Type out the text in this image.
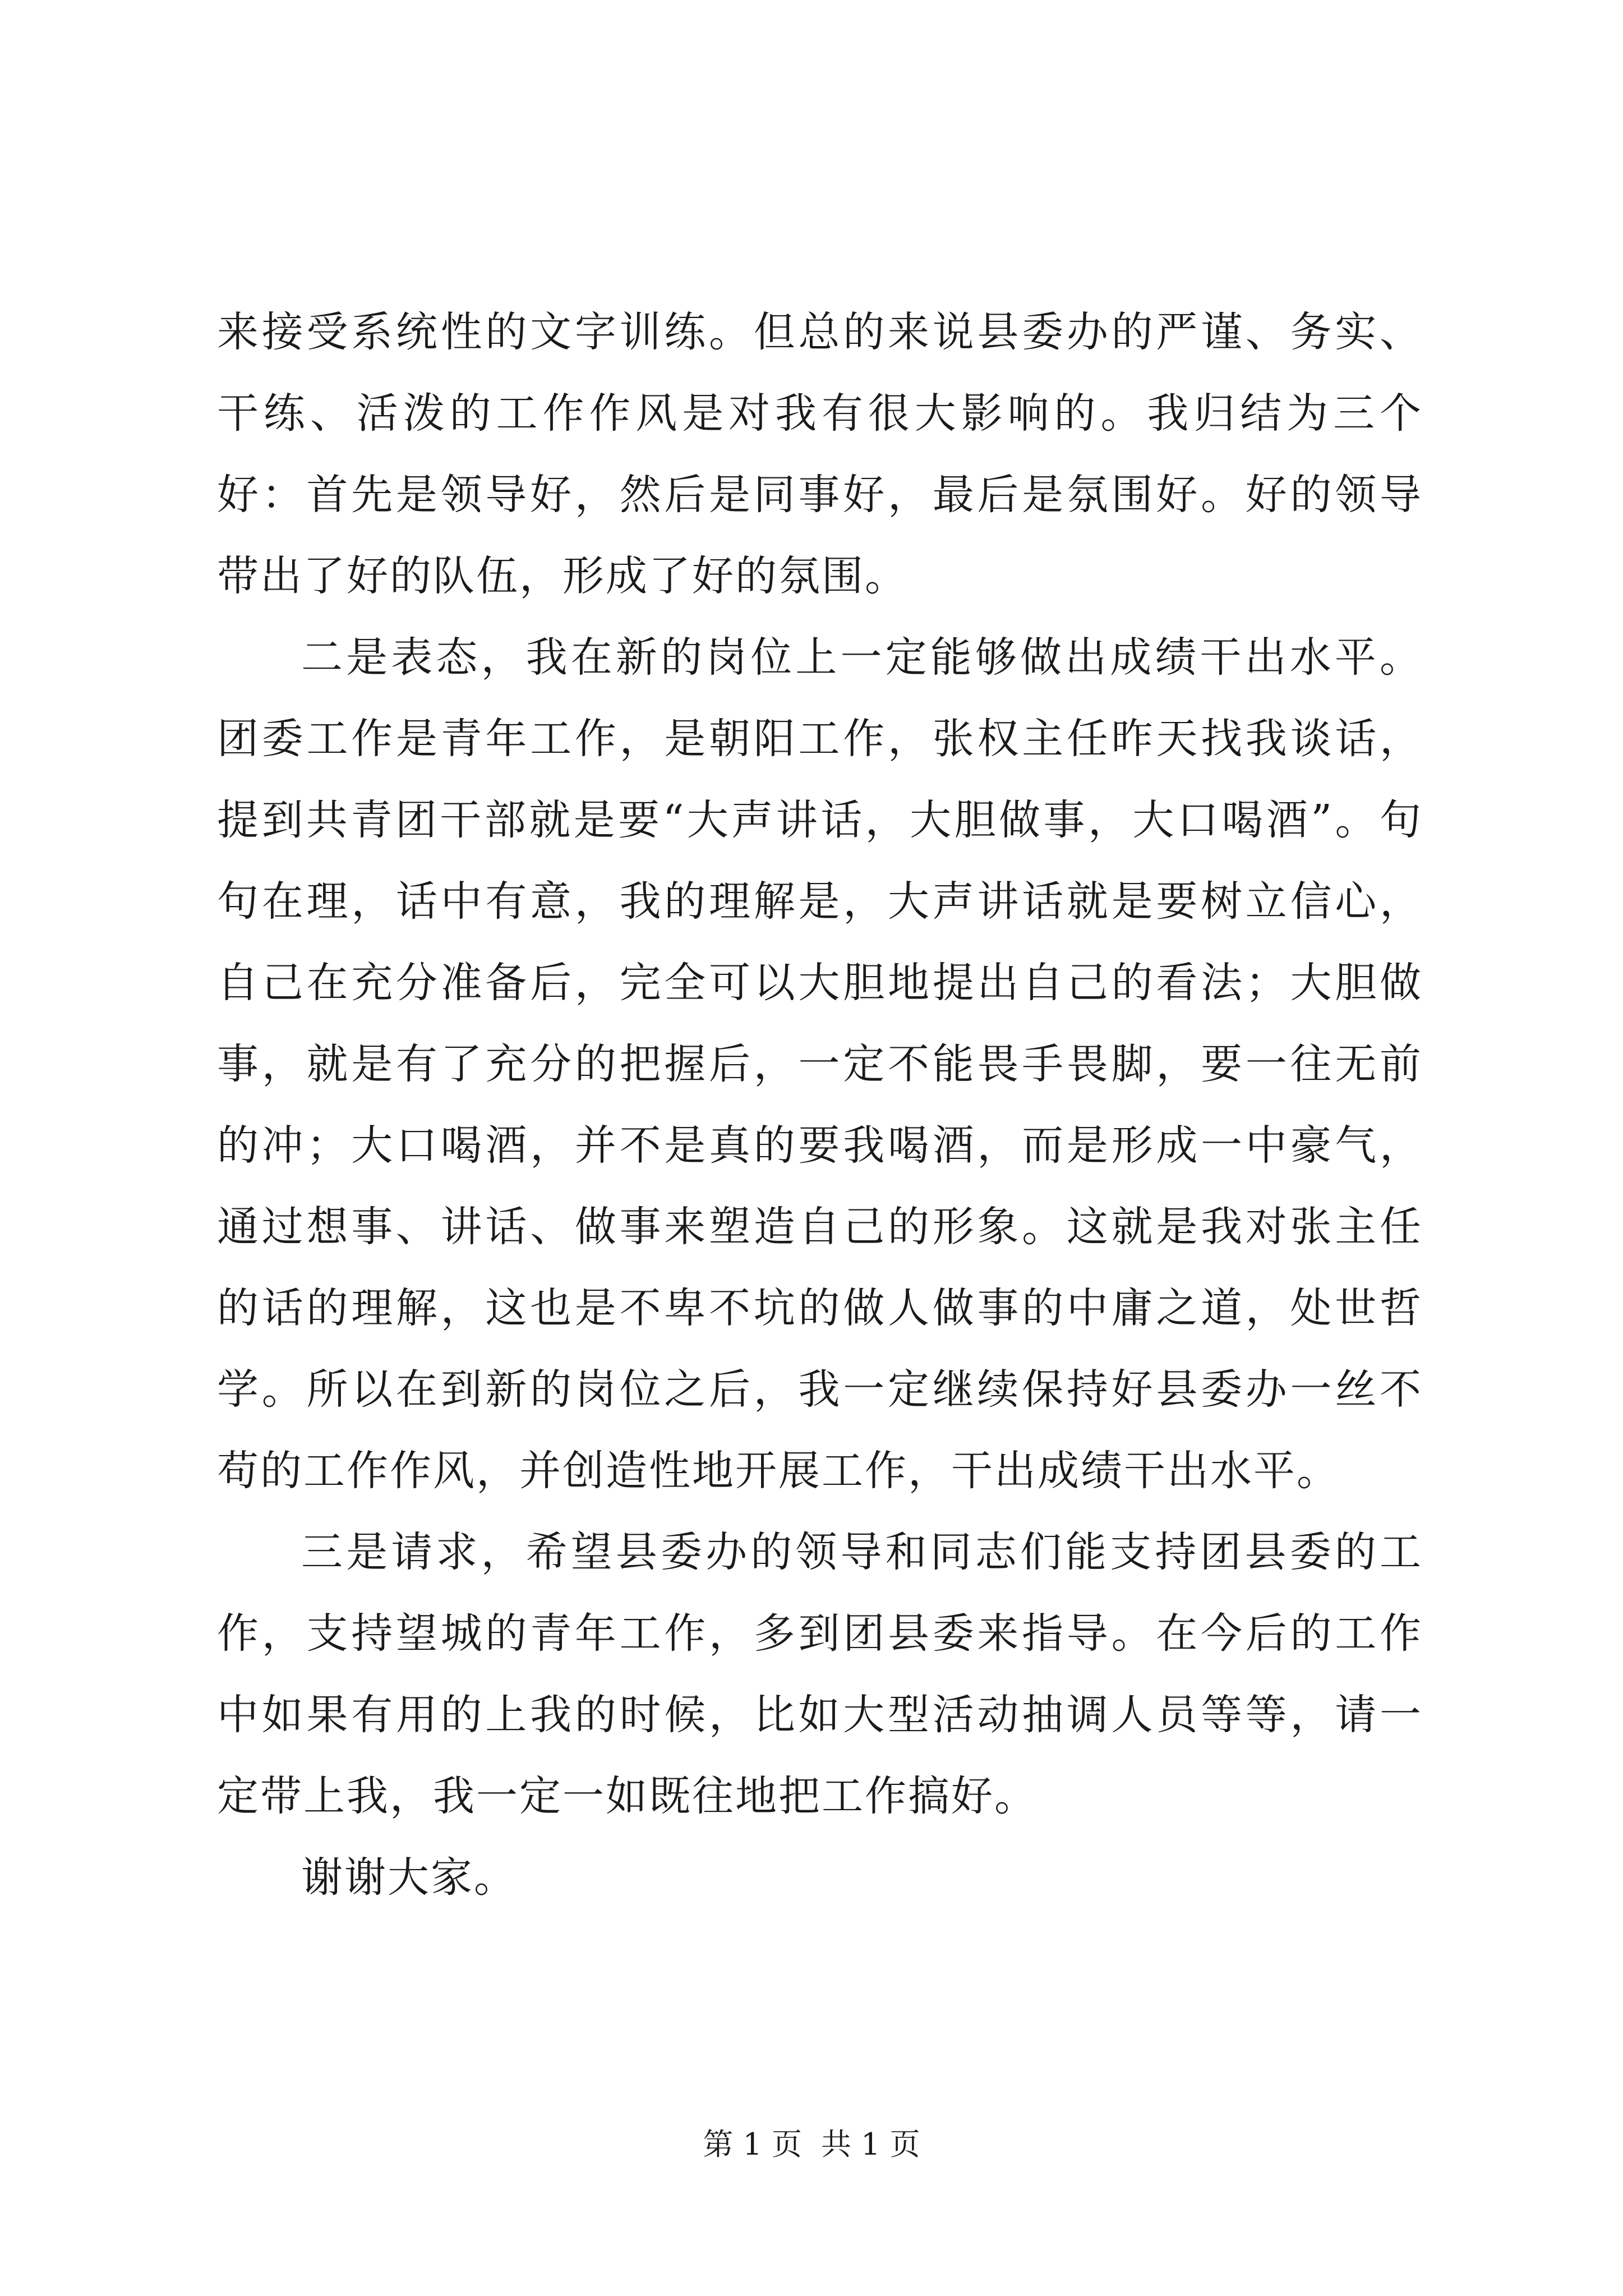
来接受系统性的文字训练。但总的来说县委办的严谨、务实、干练、活泼的工作作风是对我有很大影响的。我归结为三个好：首先是领导好，然后是同事好，最后是氛围好。好的领导带出了好的队伍，形成了好的氛围。

二是表态，我在新的岗位上一定能够做出成绩干出水平。团委工作是青年工作，是朝阳工作，张权主任昨天找我谈话，提到共青团干部就是要“大声讲话，大胆做事，大口喝酒”。句句在理，话中有意，我的理解是，大声讲话就是要树立信心，自己在充分准备后，完全可以大胆地提出自己的看法；大胆做事，就是有了充分的把握后，一定不能畏手畏脚，要一往无前的冲；大口喝酒，并不是真的要我喝酒，而是形成一中豪气，通过想事、讲话、做事来塑造自己的形象。这就是我对张主任的话的理解，这也是不卑不坑的做人做事的中庸之道，处世哲学。所以在到新的岗位之后，我一定继续保持好县委办一丝不苟的工作作风，并创造性地开展工作，干出成绩干出水平。

三是请求，希望县委办的领导和同志们能支持团县委的工作，支持望城的青年工作，多到团县委来指导。在今后的工作中如果有用的上我的时候，比如大型活动抽调人员等等，请一定带上我，我一定一如既往地把工作搞好。

谢谢大家。

第 1 页 共 1 页
